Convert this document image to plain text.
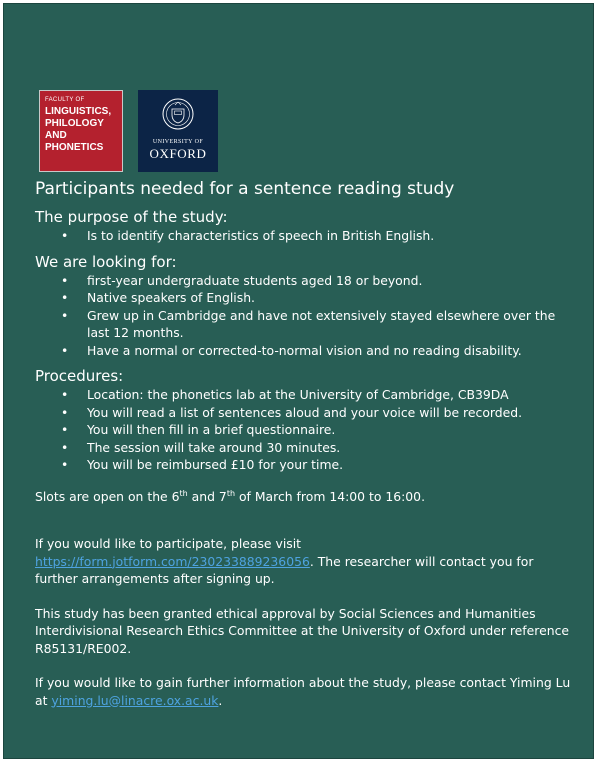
FACULTY OF
LINGUISTICS,
PHILOLOGY
AND
PHONETICS	UNIVERSITY OF
OXFORD
Participants needed for a sentence reading study
The purpose of the study:
• Is to identify characteristics of speech in British English.
We are looking for:
• first-year undergraduate students aged 18 or beyond.
• Native speakers of English.
• Grew up in Cambridge and have not extensively stayed elsewhere over the last 12 months.
• Have a normal or corrected-to-normal vision and no reading disability.
Procedures:
• Location: the phonetics lab at the University of Cambridge, CB39DA
• You will read a list of sentences aloud and your voice will be recorded.
• You will then fill in a brief questionnaire.
• The session will take around 30 minutes.
• You will be reimbursed £10 for your time.

Slots are open on the 6th and 7th of March from 14:00 to 16:00.

If you would like to participate, please visit
https://form.jotform.com/230233889236056. The researcher will contact you for further arrangements after signing up.

This study has been granted ethical approval by Social Sciences and Humanities Interdivisional Research Ethics Committee at the University of Oxford under reference R85131/RE002.

If you would like to gain further information about the study, please contact Yiming Lu at yiming.lu@linacre.ox.ac.uk.
